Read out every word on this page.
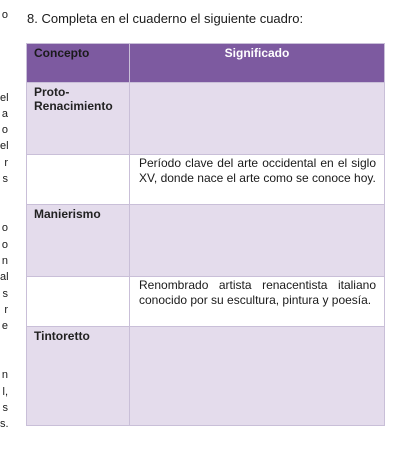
o
el
a
o
el
r
s
o
o
n
al
s
r
e
n
l,
s
s.
8. Completa en el cuaderno el siguiente cuadro:
Concepto	Significado
Proto-Renacimiento	
	Período clave del arte occidental en el siglo XV, donde nace el arte como se conoce hoy.
Manierismo	
	Renombrado artista renacentista italiano conocido por su escultura, pintura y poesía.
Tintoretto	
